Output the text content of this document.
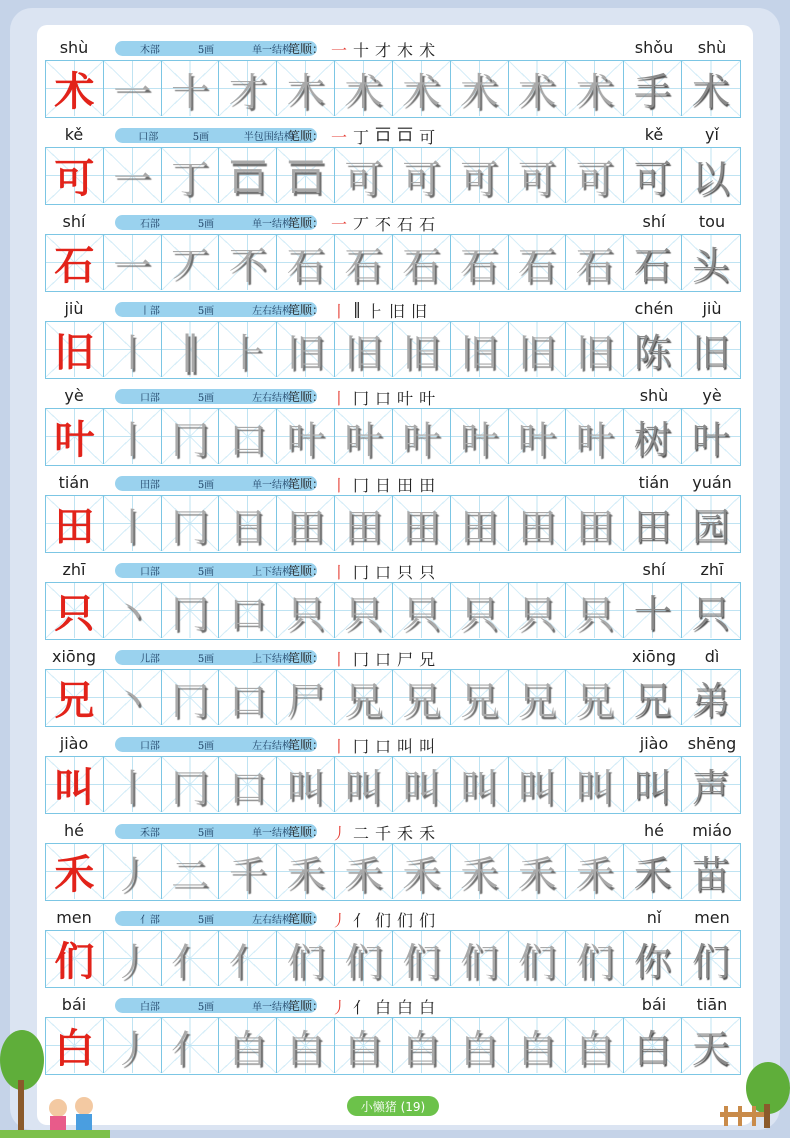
shù	木部	5画	单一结构
笔顺： 一 十 才 木 术	shǒu	shù
术 一 十 才 木 术 术 术 术 术 手 术
kě	口部	5画	半包围结构
笔顺： 一 丁 𠮛 𠮛 可	kě	yǐ
可 一 丁 𠮛 𠮛 可 可 可 可 可 可 以
shí	石部	5画	单一结构
笔顺： 一 丆 不 石 石	shí	tou
石 一 丆 不 石 石 石 石 石 石 石 头
jiù	丨部	5画	左右结构
笔顺： 丨 ‖ ⺊ 旧 旧	chén	jiù
旧 丨 ‖ ⺊ 旧 旧 旧 旧 旧 旧 陈 旧
yè	口部	5画	左右结构
笔顺： 丨 冂 口 叶 叶	shù	yè
叶 丨 冂 口 叶 叶 叶 叶 叶 叶 树 叶
tián	田部	5画	单一结构
笔顺： 丨 冂 日 田 田	tián	yuán
田 丨 冂 日 田 田 田 田 田 田 田 园
zhī	口部	5画	上下结构
笔顺： 丨 冂 口 只 只	shí	zhī
只 丶 冂 口 只 只 只 只 只 只 十 只
xiōng	儿部	5画	上下结构
笔顺： 丨 冂 口 尸 兄	xiōng	dì
兄 丶 冂 口 尸 兄 兄 兄 兄 兄 兄 弟
jiào	口部	5画	左右结构
笔顺： 丨 冂 口 叫 叫	jiào	shēng
叫 丨 冂 口 叫 叫 叫 叫 叫 叫 叫 声
hé	禾部	5画	单一结构
笔顺： 丿 二 千 禾 禾	hé	miáo
禾 丿 二 千 禾 禾 禾 禾 禾 禾 禾 苗
men	亻部	5画	左右结构
笔顺： 丿 亻 们 们 们	nǐ	men
们 丿 亻 亻 们 们 们 们 们 们 你 们
bái	白部	5画	单一结构
笔顺： 丿 亻 白 白 白	bái	tiān
白 丿 亻 白 白 白 白 白 白 白 白 天
小懒猪 (19)
